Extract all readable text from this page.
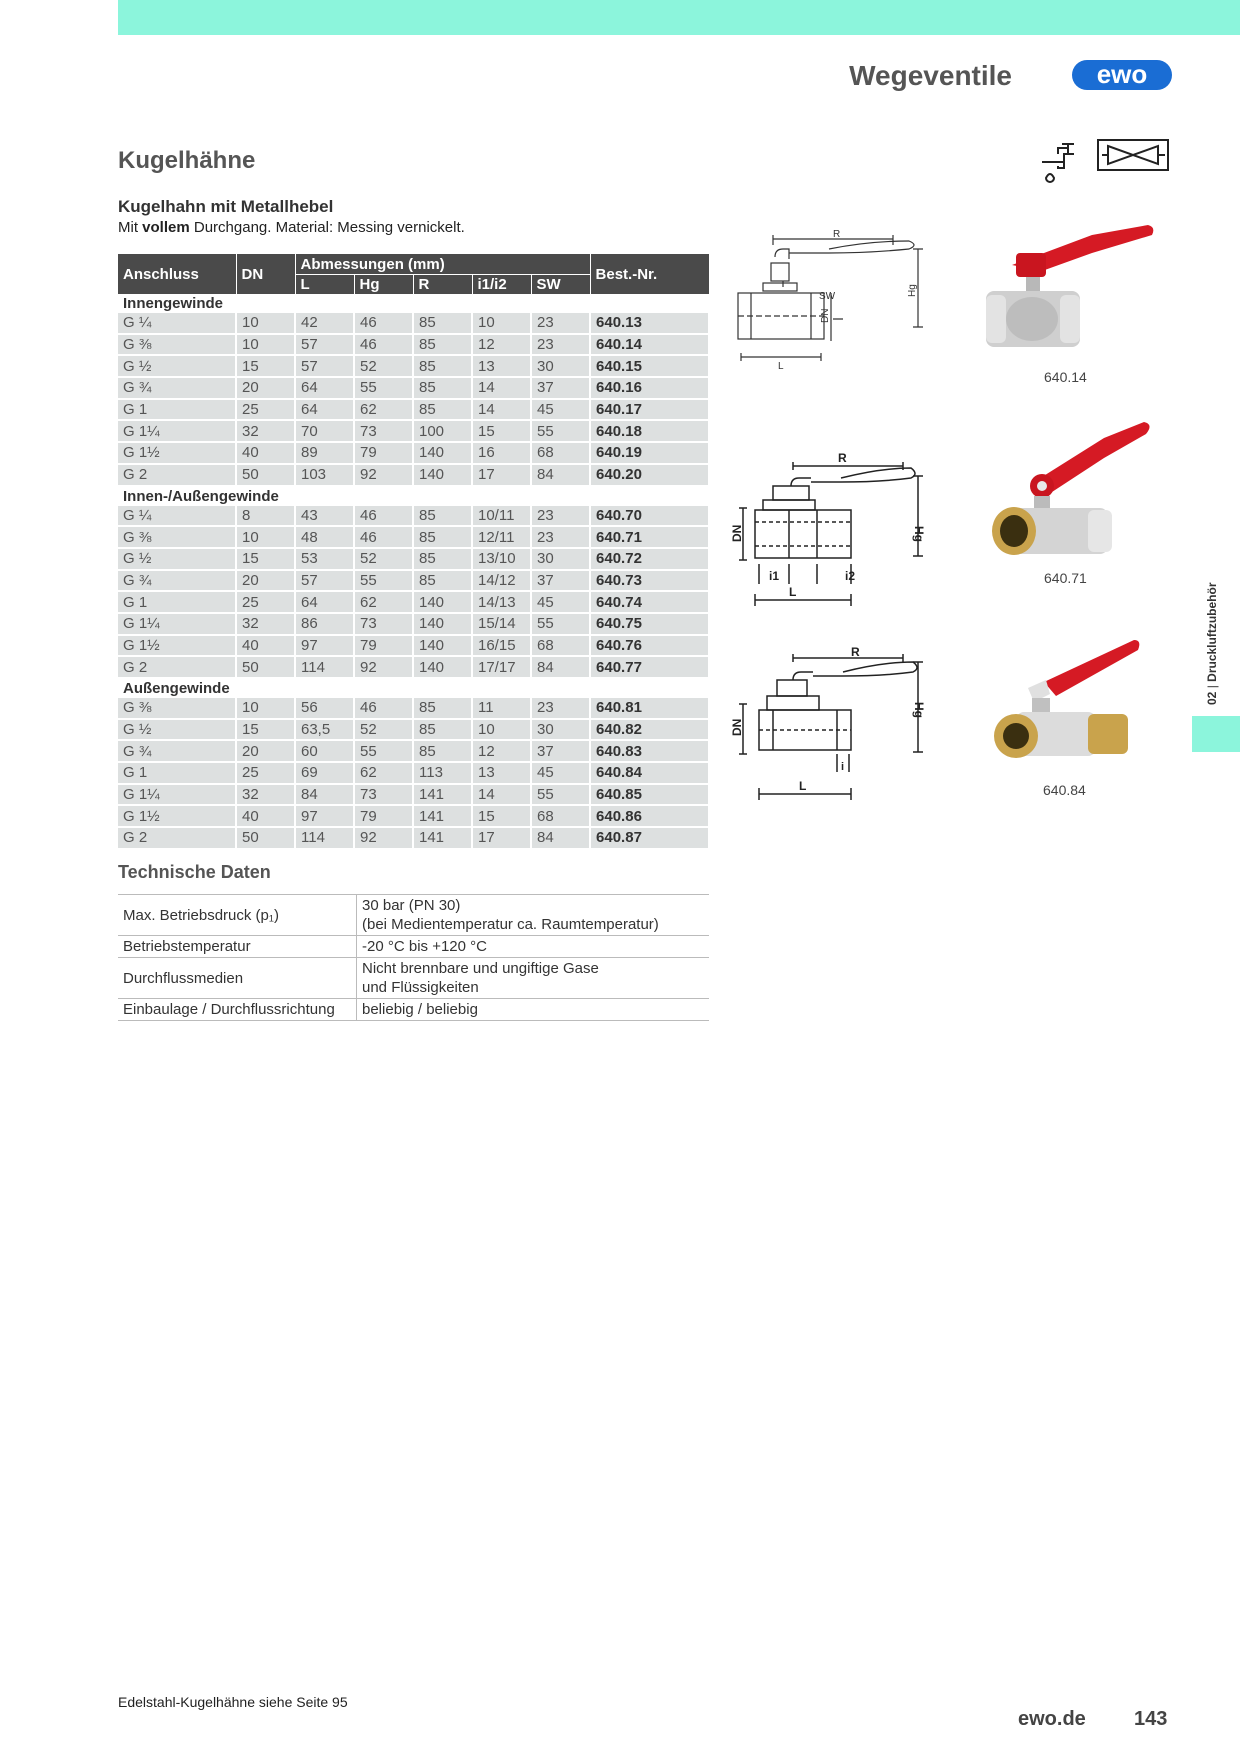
Wegeventile	ewo
Kugelhähne
Kugelhahn mit Metallhebel
Mit vollem Durchgang. Material: Messing vernickelt.
Anschluss	DN	Abmessungen (mm)					Best.-Nr.
		L	Hg	R	i1/i2	SW	
Innengewinde							
G ¼	10	42	46	85	10	23	640.13
G ⅜	10	57	46	85	12	23	640.14
G ½	15	57	52	85	13	30	640.15
G ¾	20	64	55	85	14	37	640.16
G 1	25	64	62	85	14	45	640.17
G 1¼	32	70	73	100	15	55	640.18
G 1½	40	89	79	140	16	68	640.19
G 2	50	103	92	140	17	84	640.20
Innen-/Außengewinde							
G ¼	8	43	46	85	10/11	23	640.70
G ⅜	10	48	46	85	12/11	23	640.71
G ½	15	53	52	85	13/10	30	640.72
G ¾	20	57	55	85	14/12	37	640.73
G 1	25	64	62	140	14/13	45	640.74
G 1¼	32	86	73	140	15/14	55	640.75
G 1½	40	97	79	140	16/15	68	640.76
G 2	50	114	92	140	17/17	84	640.77
Außengewinde							
G ⅜	10	56	46	85	11	23	640.81
G ½	15	63,5	52	85	10	30	640.82
G ¾	20	60	55	85	12	37	640.83
G 1	25	69	62	113	13	45	640.84
G 1¼	32	84	73	141	14	55	640.85
G 1½	40	97	79	141	15	68	640.86
G 2	50	114	92	141	17	84	640.87
Technische Daten
Max. Betriebsdruck (p₁)	30 bar (PN 30)
(bei Medientemperatur ca. Raumtemperatur)

Betriebstemperatur	-20 °C bis +120 °C

Durchflussmedien	Nicht brennbare und ungiftige Gase
und Flüssigkeiten

Einbaulage / Durchflussrichtung	beliebig / beliebig
R
SW
DN
Hg
L
R
DN	Hg
i1	i2
L
R
DN
Hg
i
L
640.14
640.71
640.84
02 | Druckluftzubehör
Edelstahl-Kugelhähne siehe Seite 95
ewo.de 143
